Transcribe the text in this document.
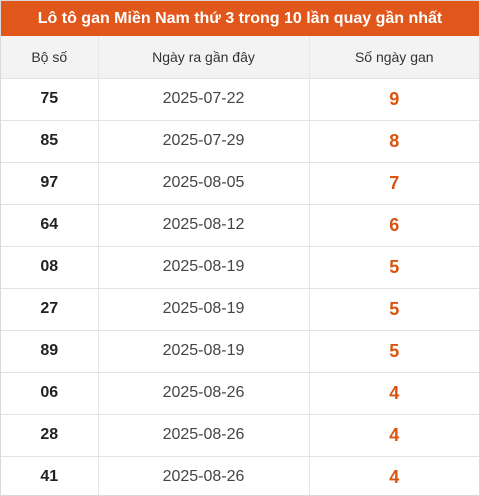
Lô tô gan Miền Nam thứ 3 trong 10 lần quay gần nhất
Bộ số	Ngày ra gần đây	Số ngày gan
75	2025-07-22	9
85	2025-07-29	8
97	2025-08-05	7
64	2025-08-12	6
08	2025-08-19	5
27	2025-08-19	5
89	2025-08-19	5
06	2025-08-26	4
28	2025-08-26	4
41	2025-08-26	4
